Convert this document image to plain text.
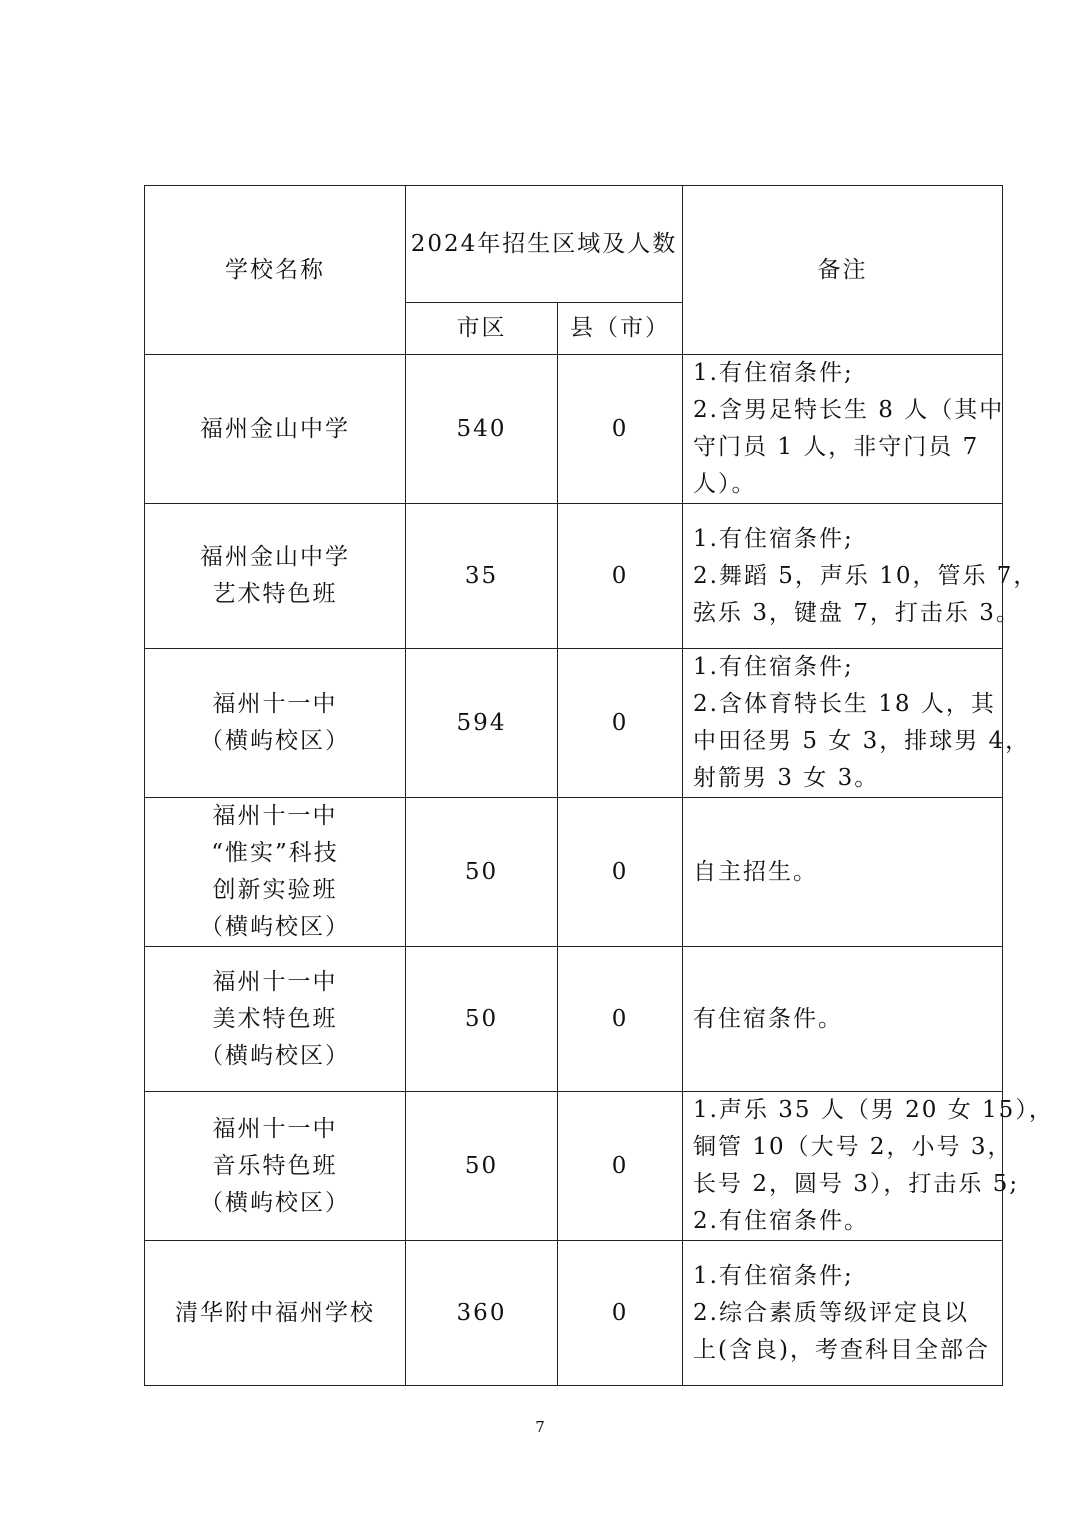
学校名称	2024年招生区域及人数		备注
	市区	县（市）	

福州金山中学	540	0	1.有住宿条件;
2.含男足特长生 8 人（其中
守门员 1 人，非守门员 7
人）。

福州金山中学
艺术特色班	35	0	1.有住宿条件;
2.舞蹈 5，声乐 10，管乐 7，
弦乐 3，键盘 7，打击乐 3。

福州十一中
（横屿校区）	594	0	1.有住宿条件;
2.含体育特长生 18 人，其
中田径男 5 女 3，排球男 4，
射箭男 3 女 3。

福州十一中
“惟实”科技
创新实验班
（横屿校区）	50	0	自主招生。

福州十一中
美术特色班
（横屿校区）	50	0	有住宿条件。

福州十一中
音乐特色班
（横屿校区）	50	0	1.声乐 35 人（男 20 女 15），
铜管 10（大号 2，小号 3，
长号 2，圆号 3），打击乐 5;
2.有住宿条件。

清华附中福州学校	360	0	1.有住宿条件;
2.综合素质等级评定良以
上(含良)，考查科目全部合
7
